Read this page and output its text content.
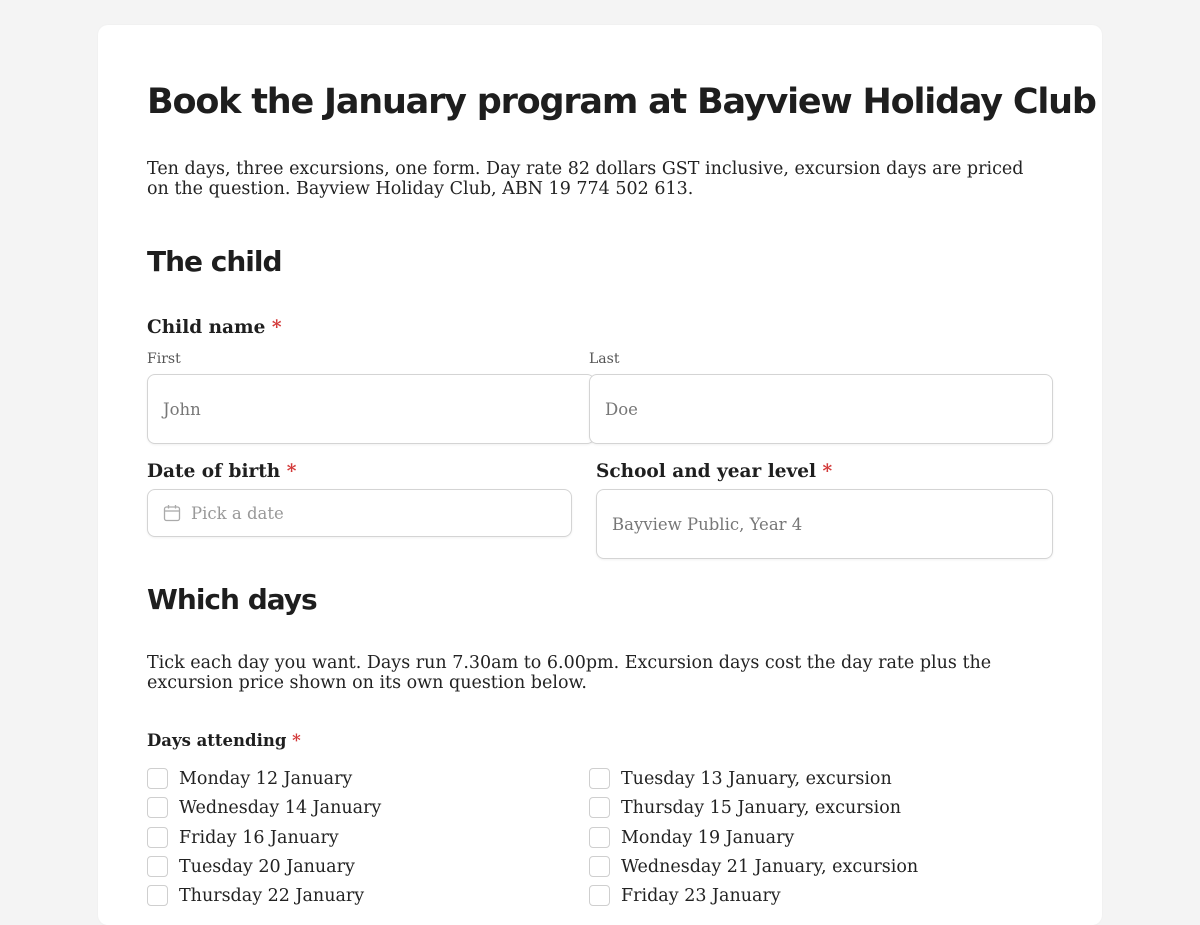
Book the January program at Bayview Holiday Club

Ten days, three excursions, one form. Day rate 82 dollars GST inclusive, excursion days are priced on the question. Bayview Holiday Club, ABN 19 774 502 613.

The child
Child name *
First	Last
John	Doe
Date of birth *	School and year level *
Pick a date
Bayview Public, Year 4
Which days

Tick each day you want. Days run 7.30am to 6.00pm. Excursion days cost the day rate plus the excursion price shown on its own question below.

Days attending *
Monday 12 January	Tuesday 13 January, excursion
Wednesday 14 January	Thursday 15 January, excursion
Friday 16 January	Monday 19 January
Tuesday 20 January	Wednesday 21 January, excursion
Thursday 22 January	Friday 23 January
